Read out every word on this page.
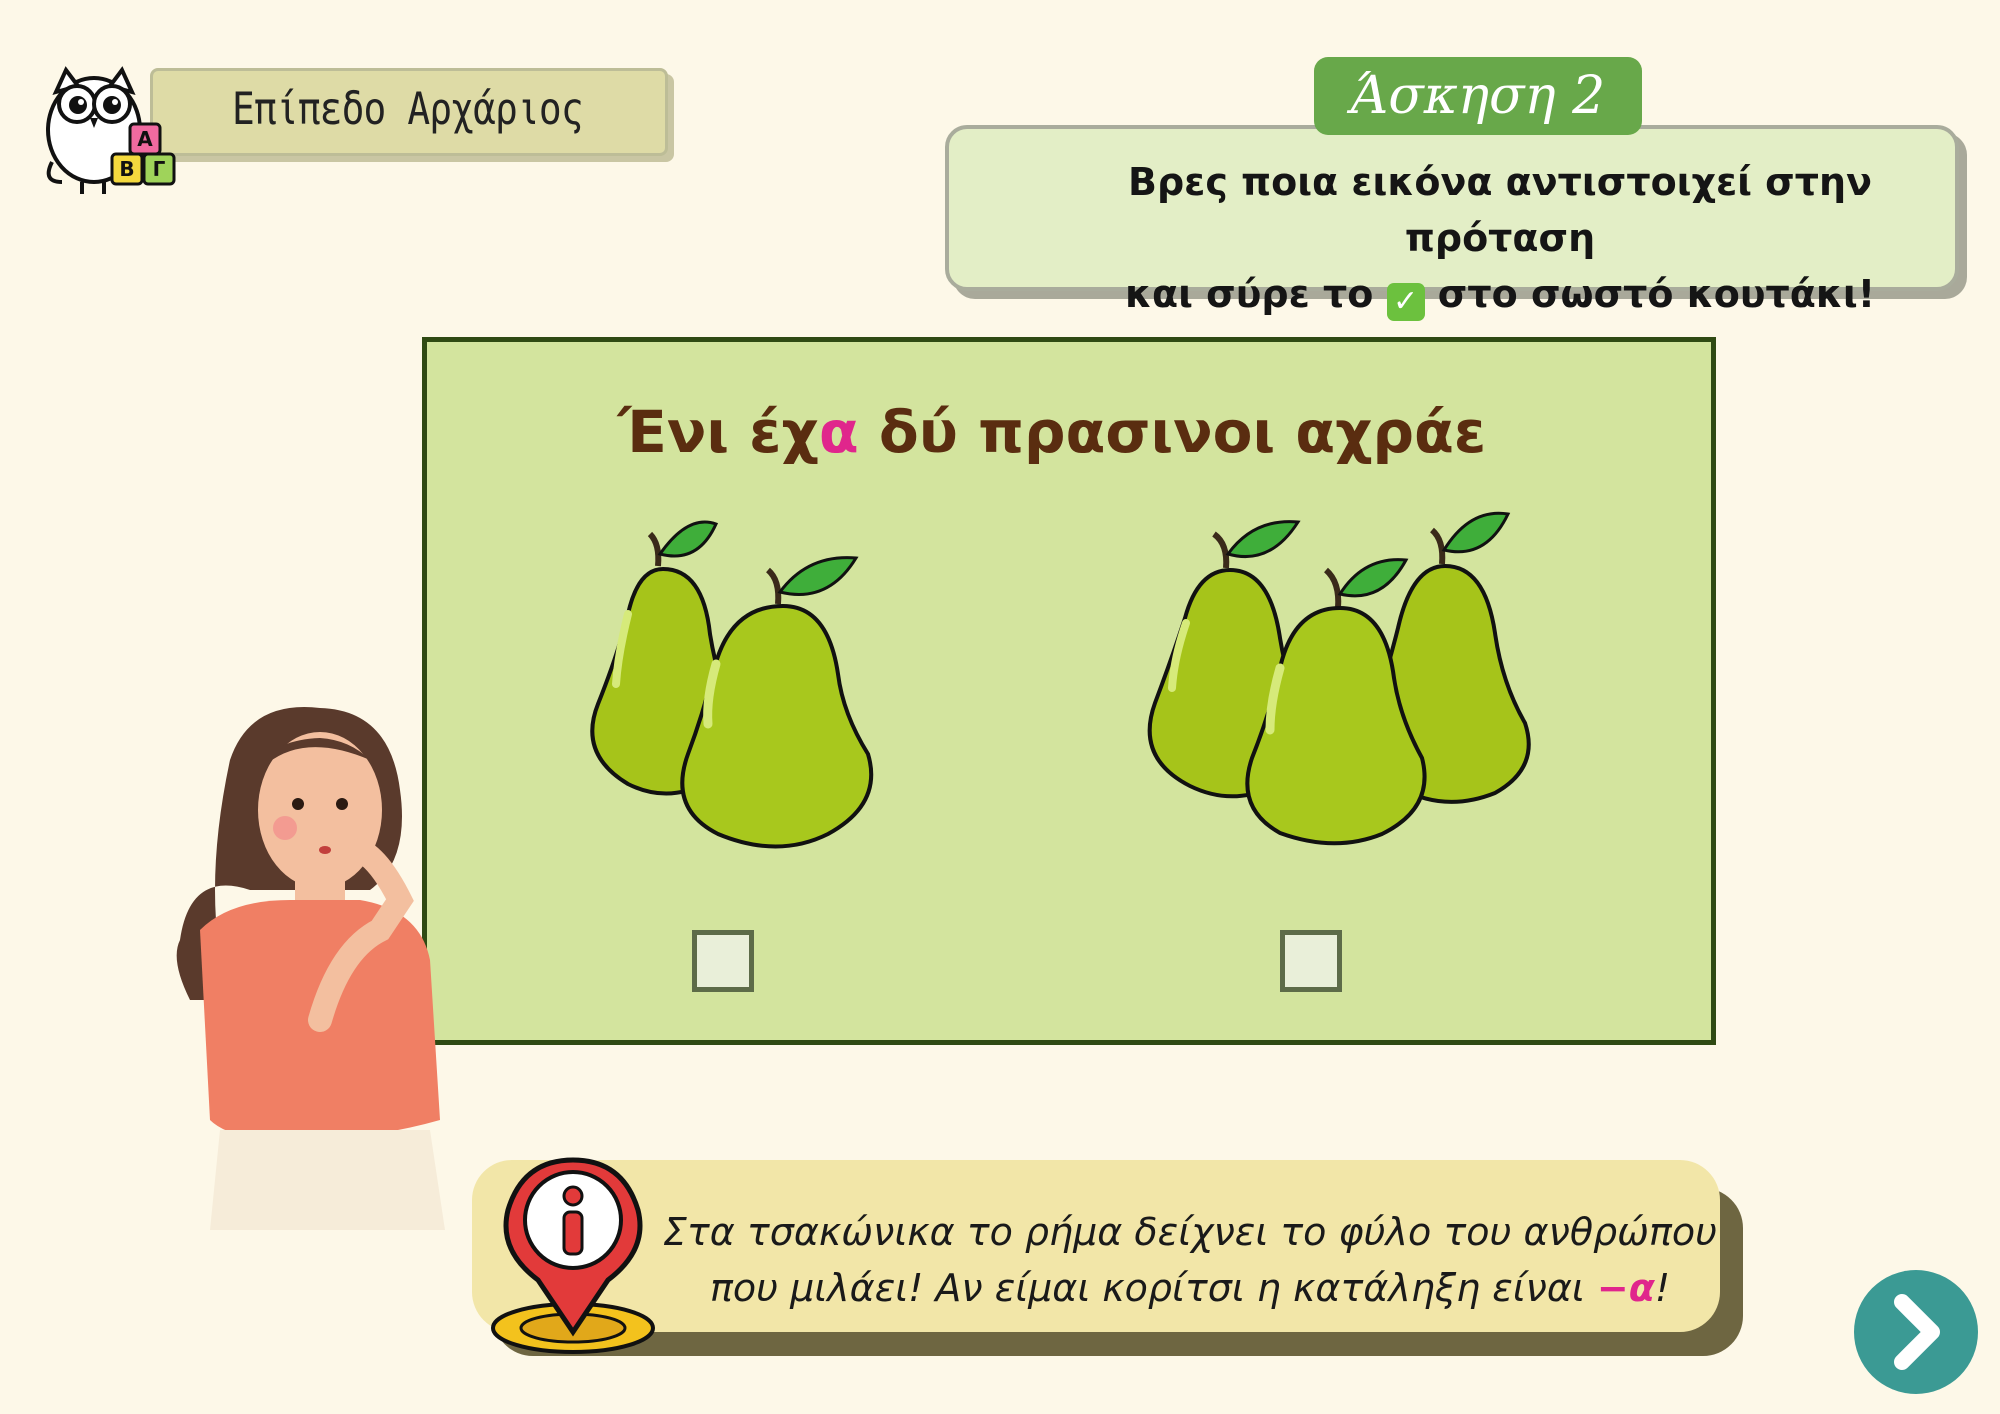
Επίπεδο Αρχάριος
Α
Β Γ
Άσκηση 2
Βρες ποια εικόνα αντιστοιχεί στην πρόταση
και σύρε το ✓ στο σωστό κουτάκι!
Ένι έχα δύ πρασινοι αχράε
Στα τσακώνικα το ρήμα δείχνει το φύλο του ανθρώπου
που μιλάει! Αν είμαι κορίτσι η κατάληξη είναι −α!
